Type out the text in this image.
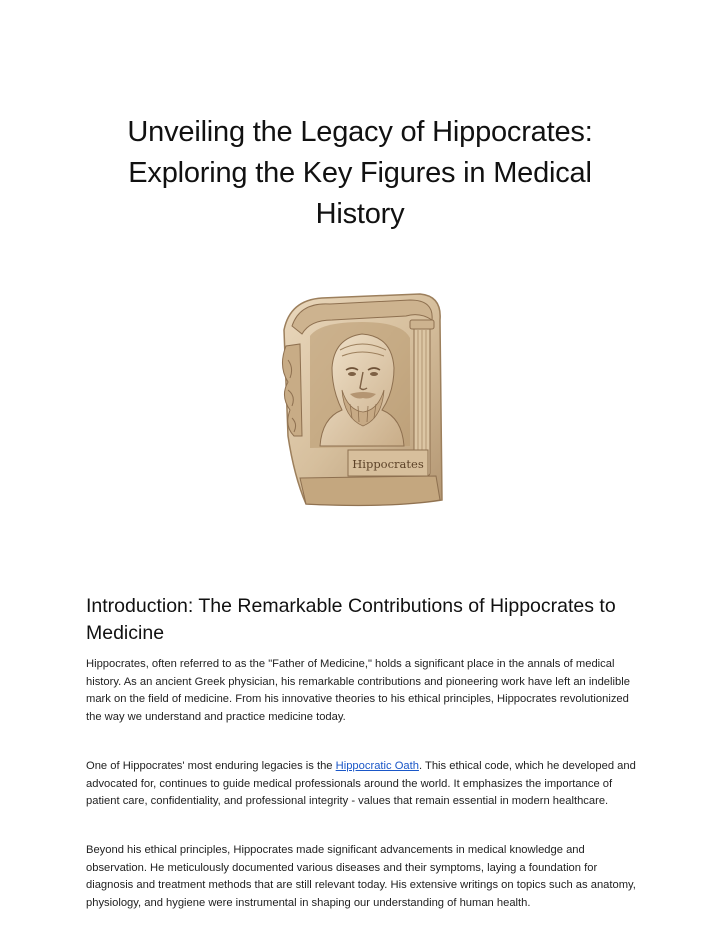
Unveiling the Legacy of Hippocrates:
Exploring the Key Figures in Medical
History
Hippocrates
Introduction: The Remarkable Contributions of Hippocrates to Medicine

Hippocrates, often referred to as the "Father of Medicine," holds a significant place in the annals of medical history. As an ancient Greek physician, his remarkable contributions and pioneering work have left an indelible mark on the field of medicine. From his innovative theories to his ethical principles, Hippocrates revolutionized the way we understand and practice medicine today.

One of Hippocrates' most enduring legacies is the Hippocratic Oath. This ethical code, which he developed and advocated for, continues to guide medical professionals around the world. It emphasizes the importance of patient care, confidentiality, and professional integrity - values that remain essential in modern healthcare.

Beyond his ethical principles, Hippocrates made significant advancements in medical knowledge and observation. He meticulously documented various diseases and their symptoms, laying a foundation for diagnosis and treatment methods that are still relevant today. His extensive writings on topics such as anatomy, physiology, and hygiene were instrumental in shaping our understanding of human health.
